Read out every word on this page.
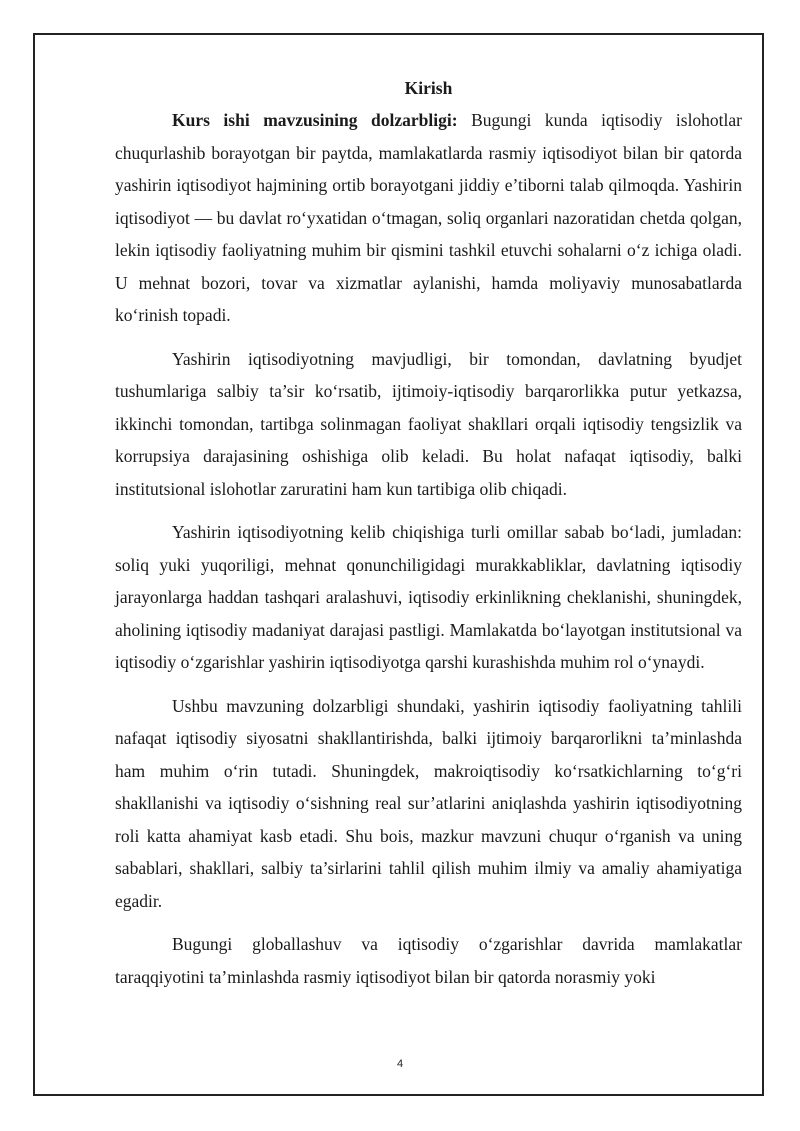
Kirish

Kurs ishi mavzusining dolzarbligi: Bugungi kunda iqtisodiy islohotlar chuqurlashib borayotgan bir paytda, mamlakatlarda rasmiy iqtisodiyot bilan bir qatorda yashirin iqtisodiyot hajmining ortib borayotgani jiddiy e’tiborni talab qilmoqda. Yashirin iqtisodiyot — bu davlat ro‘yxatidan o‘tmagan, soliq organlari nazoratidan chetda qolgan, lekin iqtisodiy faoliyatning muhim bir qismini tashkil etuvchi sohalarni o‘z ichiga oladi. U mehnat bozori, tovar va xizmatlar aylanishi, hamda moliyaviy munosabatlarda ko‘rinish topadi.

Yashirin iqtisodiyotning mavjudligi, bir tomondan, davlatning byudjet tushumlariga salbiy ta’sir ko‘rsatib, ijtimoiy-iqtisodiy barqarorlikka putur yetkazsa, ikkinchi tomondan, tartibga solinmagan faoliyat shakllari orqali iqtisodiy tengsizlik va korrupsiya darajasining oshishiga olib keladi. Bu holat nafaqat iqtisodiy, balki institutsional islohotlar zaruratini ham kun tartibiga olib chiqadi.

Yashirin iqtisodiyotning kelib chiqishiga turli omillar sabab bo‘ladi, jumladan: soliq yuki yuqoriligi, mehnat qonunchiligidagi murakkabliklar, davlatning iqtisodiy jarayonlarga haddan tashqari aralashuvi, iqtisodiy erkinlikning cheklanishi, shuningdek, aholining iqtisodiy madaniyat darajasi pastligi. Mamlakatda bo‘layotgan institutsional va iqtisodiy o‘zgarishlar yashirin iqtisodiyotga qarshi kurashishda muhim rol o‘ynaydi.

Ushbu mavzuning dolzarbligi shundaki, yashirin iqtisodiy faoliyatning tahlili nafaqat iqtisodiy siyosatni shakllantirishda, balki ijtimoiy barqarorlikni ta’minlashda ham muhim o‘rin tutadi. Shuningdek, makroiqtisodiy ko‘rsatkichlarning to‘g‘ri shakllanishi va iqtisodiy o‘sishning real sur’atlarini aniqlashda yashirin iqtisodiyotning roli katta ahamiyat kasb etadi. Shu bois, mazkur mavzuni chuqur o‘rganish va uning sabablari, shakllari, salbiy ta’sirlarini tahlil qilish muhim ilmiy va amaliy ahamiyatiga egadir.

Bugungi globallashuv va iqtisodiy o‘zgarishlar davrida mamlakatlar taraqqiyotini ta’minlashda rasmiy iqtisodiyot bilan bir qatorda norasmiy yoki

4
